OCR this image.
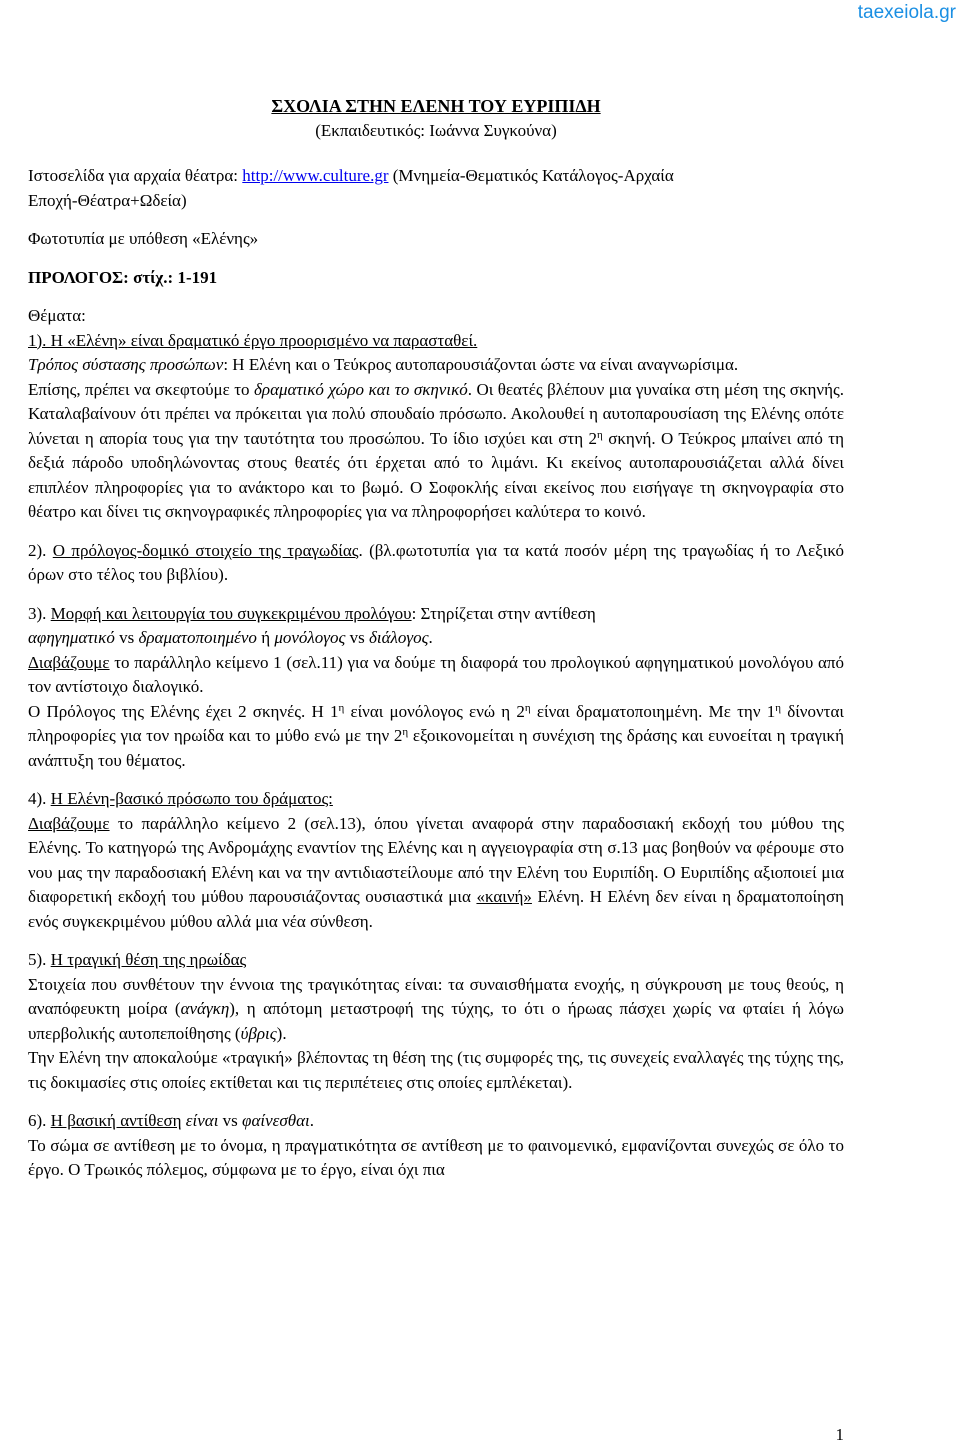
taexeiola.gr

ΣΧΟΛΙΑ ΣΤΗΝ ΕΛΕΝΗ ΤΟΥ ΕΥΡΙΠΙΔΗ

(Εκπαιδευτικός: Ιωάννα Συγκούνα)

Ιστοσελίδα για αρχαία θέατρα: http://www.culture.gr (Μνημεία-Θεματικός Κατάλογος-Αρχαία
Εποχή-Θέατρα+Ωδεία)

Φωτοτυπία με υπόθεση «Ελένης»

ΠΡΟΛΟΓΟΣ: στίχ.: 1-191

Θέματα:

1). Η «Ελένη» είναι δραματικό έργο προορισμένο να παρασταθεί.

Τρόπος σύστασης προσώπων: Η Ελένη και ο Τεύκρος αυτοπαρουσιάζονται ώστε να είναι αναγνωρίσιμα.

Επίσης, πρέπει να σκεφτούμε το δραματικό χώρο και το σκηνικό. Οι θεατές βλέπουν μια γυναίκα στη μέση της σκηνής. Καταλαβαίνουν ότι πρέπει να πρόκειται για πολύ σπουδαίο πρόσωπο. Ακολουθεί η αυτοπαρουσίαση της Ελένης οπότε λύνεται η απορία τους για την ταυτότητα του προσώπου. Το ίδιο ισχύει και στη $2^\eta$ σκηνή. Ο Τεύκρος μπαίνει από τη δεξιά πάροδο υποδηλώνοντας στους θεατές ότι έρχεται από το λιμάνι. Κι εκείνος αυτοπαρουσιάζεται αλλά δίνει επιπλέον πληροφορίες για το ανάκτορο και το βωμό. Ο Σοφοκλής είναι εκείνος που εισήγαγε τη σκηνογραφία στο θέατρο και δίνει τις σκηνογραφικές πληροφορίες για να πληροφορήσει καλύτερα το κοινό.

2). Ο πρόλογος-δομικό στοιχείο της τραγωδίας. (βλ.φωτοτυπία για τα κατά ποσόν μέρη της τραγωδίας ή το Λεξικό όρων στο τέλος του βιβλίου).

3). Μορφή και λειτουργία του συγκεκριμένου προλόγου: Στηρίζεται στην αντίθεση

αφηγηματικό vs δραματοποιημένο ή μονόλογος vs διάλογος.

Διαβάζουμε το παράλληλο κείμενο 1 (σελ.11) για να δούμε τη διαφορά του προλογικού αφηγηματικού μονολόγου από τον αντίστοιχο διαλογικό.

Ο Πρόλογος της Ελένης έχει 2 σκηνές. Η $1^\eta$ είναι μονόλογος ενώ η $2^\eta$ είναι δραματοποιημένη. Με την $1^\eta$ δίνονται πληροφορίες για τον ηρωίδα και το μύθο ενώ με την $2^\eta$ εξοικονομείται η συνέχιση της δράσης και ευνοείται η τραγική ανάπτυξη του θέματος.

4). Η Ελένη-βασικό πρόσωπο του δράματος:

Διαβάζουμε το παράλληλο κείμενο 2 (σελ.13), όπου γίνεται αναφορά στην παραδοσιακή εκδοχή του μύθου της Ελένης. Το κατηγορώ της Ανδρομάχης εναντίον της Ελένης και η αγγειογραφία στη σ.13 μας βοηθούν να φέρουμε στο νου μας την παραδοσιακή Ελένη και να την αντιδιαστείλουμε από την Ελένη του Ευριπίδη. Ο Ευριπίδης αξιοποιεί μια διαφορετική εκδοχή του μύθου παρουσιάζοντας ουσιαστικά μια «καινή» Ελένη. Η Ελένη δεν είναι η δραματοποίηση ενός συγκεκριμένου μύθου αλλά μια νέα σύνθεση.

5). Η τραγική θέση της ηρωίδας

Στοιχεία που συνθέτουν την έννοια της τραγικότητας είναι: τα συναισθήματα ενοχής, η σύγκρουση με τους θεούς, η αναπόφευκτη μοίρα (ανάγκη), η απότομη μεταστροφή της τύχης, το ότι ο ήρωας πάσχει χωρίς να φταίει ή λόγω υπερβολικής αυτοπεποίθησης (ύβρις).

Την Ελένη την αποκαλούμε «τραγική» βλέποντας τη θέση της (τις συμφορές της, τις συνεχείς εναλλαγές της τύχης της, τις δοκιμασίες στις οποίες εκτίθεται και τις περιπέτειες στις οποίες εμπλέκεται).

6). Η βασική αντίθεση είναι vs φαίνεσθαι.

Το σώμα σε αντίθεση με το όνομα, η πραγματικότητα σε αντίθεση με το φαινομενικό, εμφανίζονται συνεχώς σε όλο το έργο. Ο Τρωικός πόλεμος, σύμφωνα με το έργο, είναι όχι πια

1
